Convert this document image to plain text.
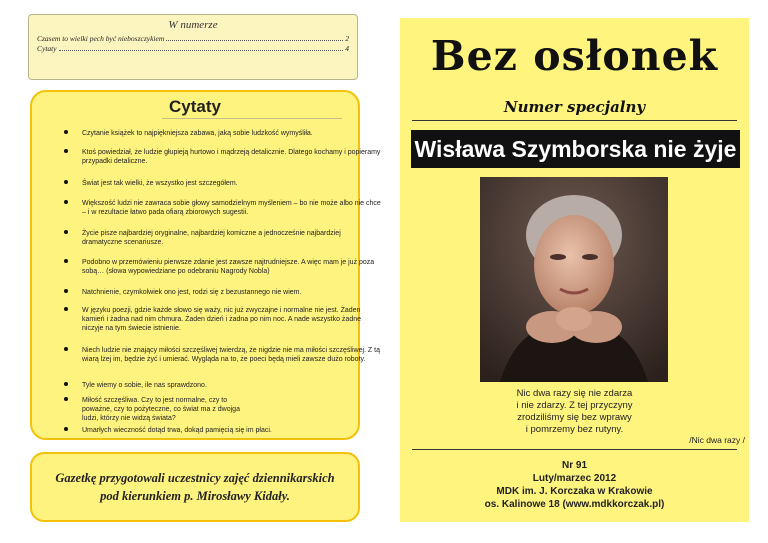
W numerze
Czasem to wielki pech być nieboszczykiem	2
Cytaty	4
Cytaty
Czytanie książek to najpiękniejsza zabawa, jaką sobie ludzkość wymyśliła.
Ktoś powiedział, że ludzie głupieją hurtowo i mądrzeją detalicznie. Dlatego kochamy i popieramy przypadki detaliczne.
Świat jest tak wielki, że wszystko jest szczegółem.
Większość ludzi nie zawraca sobie głowy samodzielnym myśleniem – bo nie może albo nie chce – i w rezultacie łatwo pada ofiarą zbiorowych sugestii.
Życie pisze najbardziej oryginalne, najbardziej komiczne a jednocześnie najbardziej dramatyczne scenariusze.
Podobno w przemówieniu pierwsze zdanie jest zawsze najtrudniejsze. A więc mam je już poza sobą… (słowa wypowiedziane po odebraniu Nagrody Nobla)
Natchnienie, czymkolwiek ono jest, rodzi się z bezustannego nie wiem.
W języku poezji, gdzie każde słowo się waży, nic już zwyczajne i normalne nie jest. Żaden kamień i żadna nad nim chmura. Żaden dzień i żadna po nim noc. A nade wszystko żadne niczyje na tym świecie istnienie.
Niech ludzie nie znający miłości szczęśliwej twierdzą, że nigdzie nie ma miłości szczęśliwej. Z tą wiarą lżej im, będzie żyć i umierać. Wygląda na to, że poeci będą mieli zawsze dużo roboty.
Tyle wiemy o sobie, ile nas sprawdzono.
Miłość szczęśliwa. Czy to jest normalne, czy to poważne, czy to pożyteczne, co świat ma z dwojga ludzi, którzy nie widzą świata?
Umarłych wieczność dotąd trwa, dokąd pamięcią się im płaci.
Gazetkę przygotowali uczestnicy zajęć dziennikarskich
pod kierunkiem p. Mirosławy Kidały.
Bez osłonek
Numer specjalny
Wisława Szymborska nie żyje
Nic dwa razy się nie zdarza
i nie zdarzy. Z tej przyczyny
zrodziliśmy się bez wprawy
i pomrzemy bez rutyny.
/Nic dwa razy /
Nr 91
Luty/marzec 2012
MDK im. J. Korczaka w Krakowie
os. Kalinowe 18 (www.mdkkorczak.pl)
